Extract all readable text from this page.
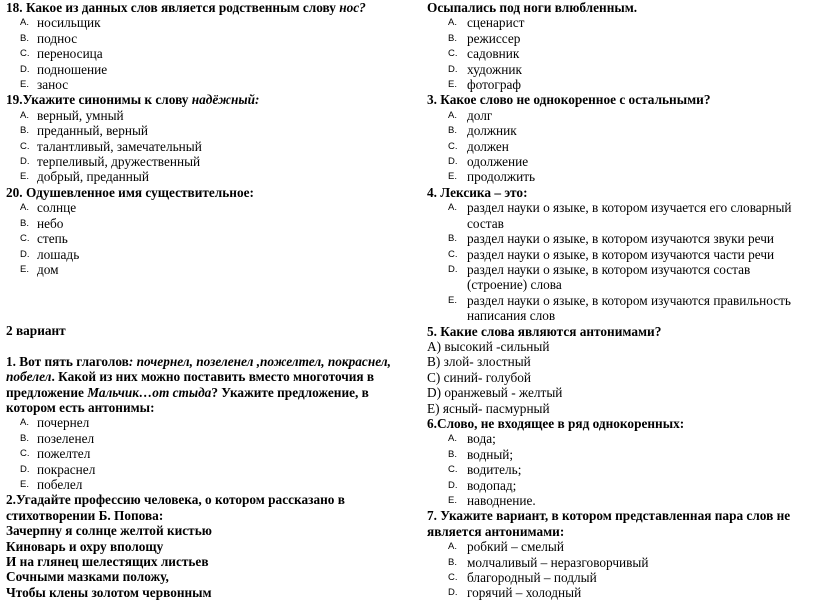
18. Какое из данных слов является родственным слову нос?

A. носильщик
B. поднос
C. переносица
D. подношение
E. занос

19.Укажите синонимы к слову надёжный:

A. верный, умный
B. преданный, верный
C. талантливый, замечательный
D. терпеливый, дружественный
E. добрый, преданный

20. Одушевленное имя существительное:

A. солнце
B. небо
C. степь
D. лошадь
E. дом

2 вариант

1. Вот пять глаголов: почернел, позеленел ,пожелтел, покраснел, побелел. Какой из них можно поставить вместо многоточия в предложение Мальчик…от стыда? Укажите предложение, в котором есть антонимы:

A. почернел
B. позеленел
C. пожелтел
D. покраснел
E. побелел

2.Угадайте профессию человека, о котором рассказано в стихотворении Б. Попова:

Зачерпну я солнце желтой кистью

Киноварь и охру вполощу

И на глянец шелестящих листьев

Сочными мазками положу,

Чтобы клены золотом червонным

Осыпались под ноги влюбленным.

A. сценарист
B. режиссер
C. садовник
D. художник
E. фотограф

3. Какое слово не однокоренное с остальными?

A. долг
B. должник
C. должен
D. одолжение
E. продолжить

4. Лексика – это:

A. раздел науки о языке, в котором изучается его словарный
состав
B. раздел науки о языке, в котором изучаются звуки речи
C. раздел науки о языке, в котором изучаются части речи
D. раздел науки о языке, в котором изучаются состав
(строение) слова
E. раздел науки о языке, в котором изучаются правильность
написания слов

5. Какие слова являются антонимами?

А) высокий -сильный

В) злой- злостный

С) синий- голубой

D) оранжевый - желтый

Е) ясный- пасмурный

6.Слово, не входящее в ряд однокоренных:

A. вода;
B. водный;
C. водитель;
D. водопад;
E. наводнение.

7. Укажите вариант, в котором представленная пара слов не является антонимами:

A. робкий – смелый
B. молчаливый – неразговорчивый
C. благородный – подлый
D. горячий – холодный
